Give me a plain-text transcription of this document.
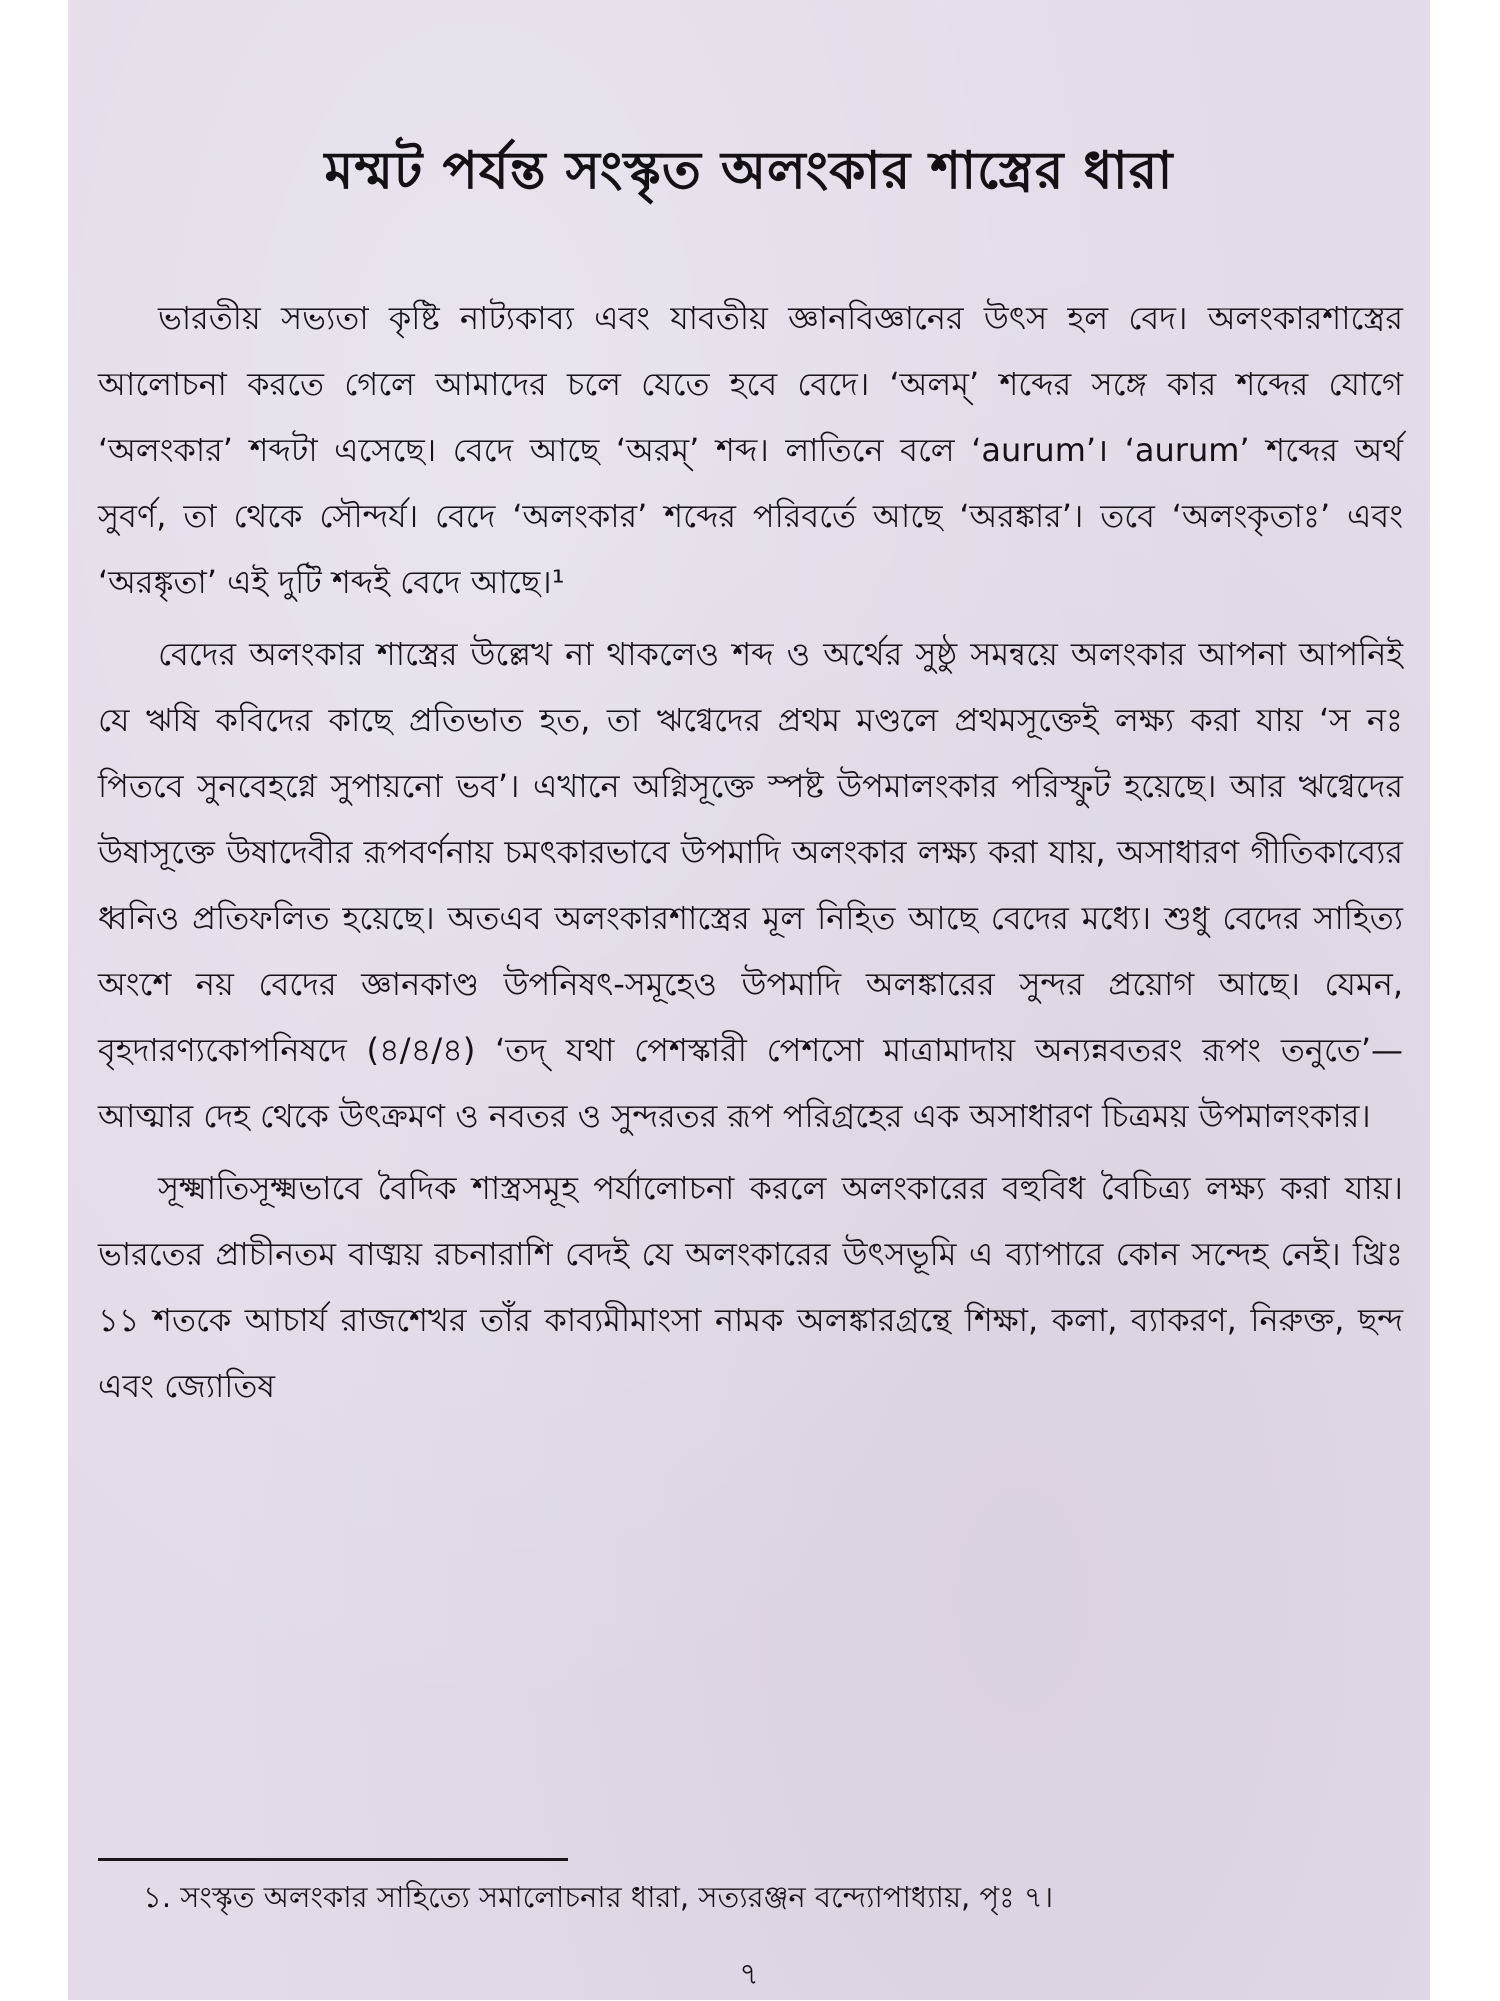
মম্মট পর্যন্ত সংস্কৃত অলংকার শাস্ত্রের ধারা

ভারতীয় সভ্যতা কৃষ্টি নাট্যকাব্য এবং যাবতীয় জ্ঞানবিজ্ঞানের উৎস হল বেদ। অলংকারশাস্ত্রের আলোচনা করতে গেলে আমাদের চলে যেতে হবে বেদে। ‘অলম্’ শব্দের সঙ্গে কার শব্দের যোগে ‘অলংকার’ শব্দটা এসেছে। বেদে আছে ‘অরম্’ শব্দ। লাতিনে বলে ‘aurum’। ‘aurum’ শব্দের অর্থ সুবর্ণ, তা থেকে সৌন্দর্য। বেদে ‘অলংকার’ শব্দের পরিবর্তে আছে ‘অরঙ্কার’। তবে ‘অলংকৃতাঃ’ এবং ‘অরঙ্কৃতা’ এই দুটি শব্দই বেদে আছে।¹

বেদের অলংকার শাস্ত্রের উল্লেখ না থাকলেও শব্দ ও অর্থের সুষ্ঠু সমন্বয়ে অলংকার আপনা আপনিই যে ঋষি কবিদের কাছে প্রতিভাত হত, তা ঋগ্বেদের প্রথম মণ্ডলে প্রথমসূক্তেই লক্ষ্য করা যায় ‘স নঃ পিতবে সুনবেহগ্নে সুপায়নো ভব’। এখানে অগ্নিসূক্তে স্পষ্ট উপমালংকার পরিস্ফুট হয়েছে। আর ঋগ্বেদের উষাসূক্তে উষাদেবীর রূপবর্ণনায় চমৎকারভাবে উপমাদি অলংকার লক্ষ্য করা যায়, অসাধারণ গীতিকাব্যের ধ্বনিও প্রতিফলিত হয়েছে। অতএব অলংকারশাস্ত্রের মূল নিহিত আছে বেদের মধ্যে। শুধু বেদের সাহিত্য অংশে নয় বেদের জ্ঞানকাণ্ড উপনিষৎ-সমূহেও উপমাদি অলঙ্কারের সুন্দর প্রয়োগ আছে। যেমন, বৃহদারণ্যকোপনিষদে (৪/৪/৪) ‘তদ্ যথা পেশস্কারী পেশসো মাত্রামাদায় অন্যন্নবতরং রূপং তনুতে’— আত্মার দেহ থেকে উৎক্রমণ ও নবতর ও সুন্দরতর রূপ পরিগ্রহের এক অসাধারণ চিত্রময় উপমালংকার।

সূক্ষ্মাতিসূক্ষ্মভাবে বৈদিক শাস্ত্রসমূহ পর্যালোচনা করলে অলংকারের বহুবিধ বৈচিত্র্য লক্ষ্য করা যায়। ভারতের প্রাচীনতম বাঙ্ময় রচনারাশি বেদই যে অলংকারের উৎসভূমি এ ব্যাপারে কোন সন্দেহ নেই। খ্রিঃ ১১ শতকে আচার্য রাজশেখর তাঁর কাব্যমীমাংসা নামক অলঙ্কারগ্রন্থে শিক্ষা, কলা, ব্যাকরণ, নিরুক্ত, ছন্দ এবং জ্যোতিষ

১. সংস্কৃত অলংকার সাহিত্যে সমালোচনার ধারা, সত্যরঞ্জন বন্দ্যোপাধ্যায়, পৃঃ ৭।
৭
